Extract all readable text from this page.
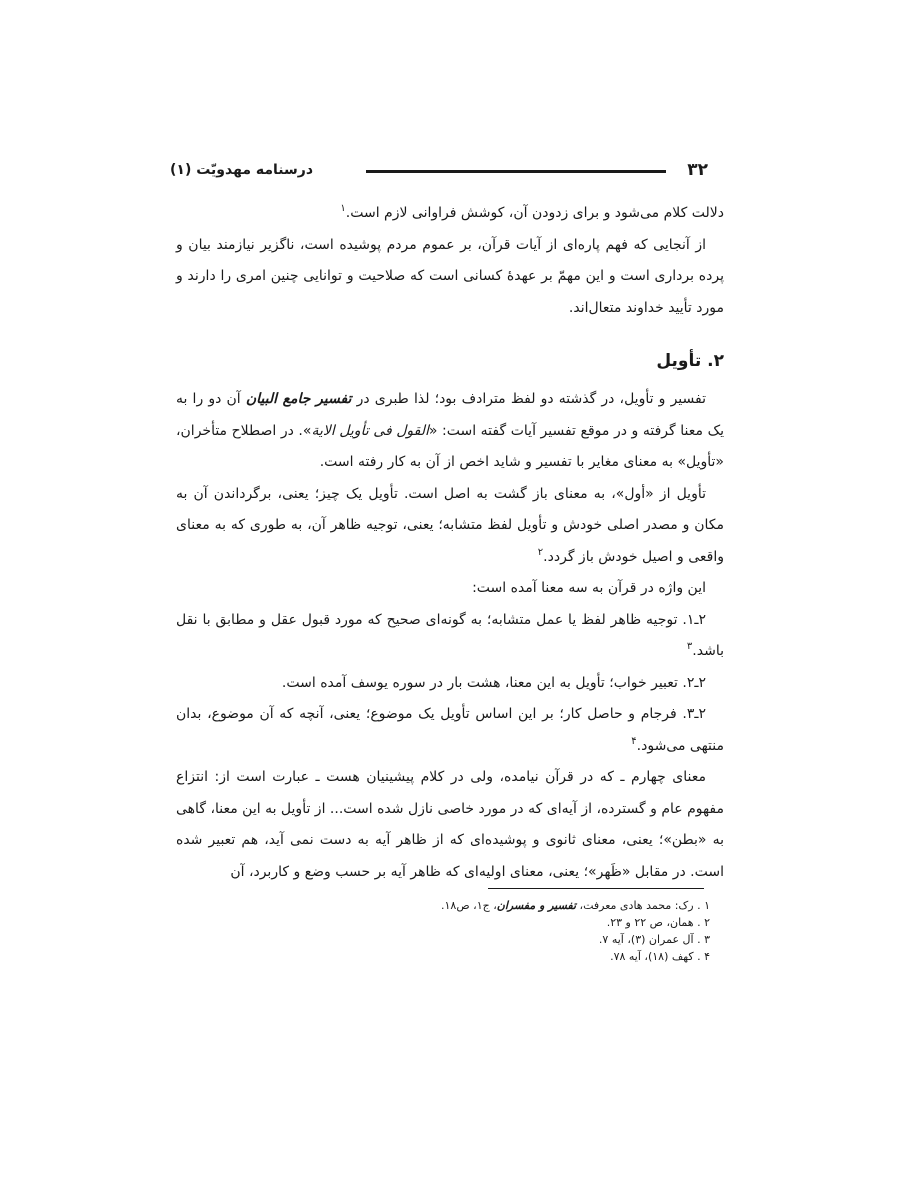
۳۲
درسنامه مهدویّت (۱)

دلالت کلام می‌شود و برای زدودن آن، کوشش فراوانی لازم است.$^۱$

از آنجایی که فهم پاره‌ای از آیات قرآن، بر عموم مردم پوشیده است، ناگزیر نیازمند بیان و پرده برداری است و این مهمّ بر عهدهٔ کسانی است که صلاحیت و توانایی چنین امری را دارند و مورد تأیید خداوند متعال‌اند.

۲. تأویل

تفسیر و تأویل، در گذشته دو لفظ مترادف بود؛ لذا طبری در تفسیر جامع البیان آن دو را به یک معنا گرفته و در موقع تفسیر آیات گفته است: «القول فی تأویل الایة». در اصطلاح متأخران، «تأویل» به معنای مغایر با تفسیر و شاید اخص از آن به کار رفته است.

تأویل از «أول»، به معنای باز گشت به اصل است. تأویل یک چیز؛ یعنی، برگرداندن آن به مکان و مصدر اصلی خودش و تأویل لفظ متشابه؛ یعنی، توجیه ظاهر آن، به طوری که به معنای واقعی و اصیل خودش باز گردد.$^۲$

این واژه در قرآن به سه معنا آمده است:

۲ـ۱. توجیه ظاهر لفظ یا عمل متشابه؛ به گونه‌ای صحیح که مورد قبول عقل و مطابق با نقل باشد.$^۳$

۲ـ۲. تعبیر خواب؛ تأویل به این معنا، هشت بار در سوره یوسف آمده است.

۲ـ۳. فرجام و حاصل کار؛ بر این اساس تأویل یک موضوع؛ یعنی، آنچه که آن موضوع، بدان منتهی می‌شود.$^۴$

معنای چهارم ـ که در قرآن نیامده، ولی در کلام پیشینیان هست ـ عبارت است از: انتزاع مفهوم عام و گسترده، از آیه‌ای که در مورد خاصی نازل شده است... از تأویل به این معنا، گاهی به «بطن»؛ یعنی، معنای ثانوی و پوشیده‌ای که از ظاهر آیه به دست نمی آید، هم تعبیر شده است. در مقابل «ظَهر»؛ یعنی، معنای اولیه‌ای که ظاهر آیه بر حسب وضع و کاربرد، آن

۱ . رک: محمد هادی معرفت، تفسیر و مفسران، ج۱، ص۱۸.
۲ . همان، ص ۲۲ و ۲۳.
۳ . آل عمران (۳)، آیه ۷.
۴ . کهف (۱۸)، آیه ۷۸.
